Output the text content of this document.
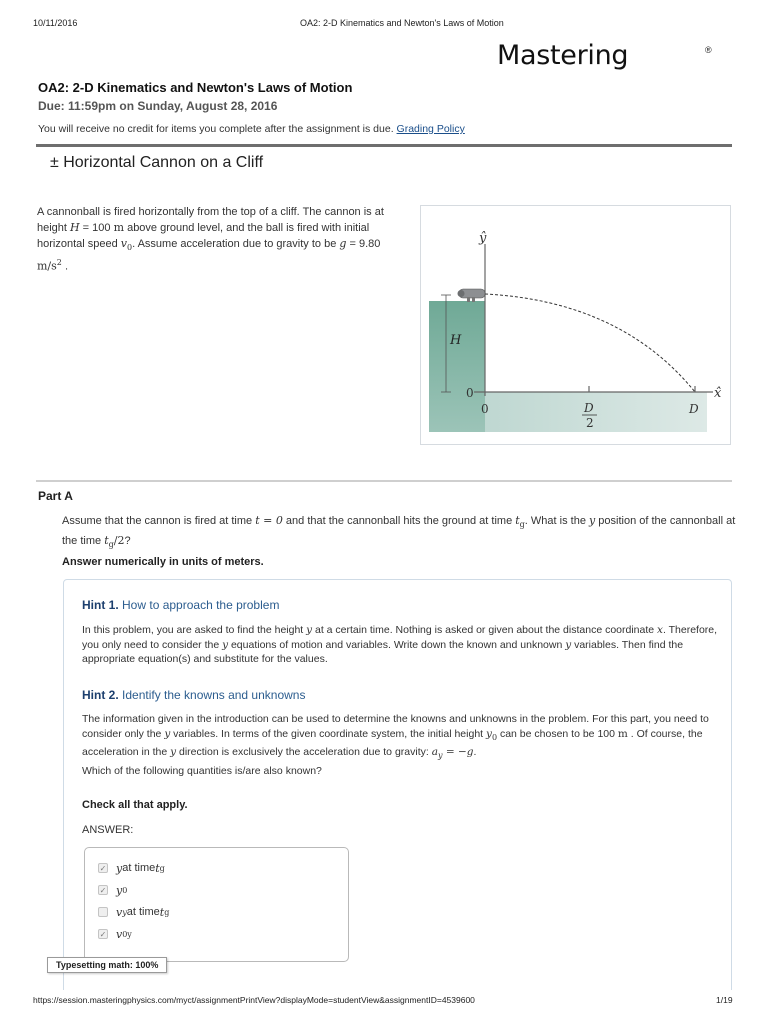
10/11/2016	OA2: 2-D Kinematics and Newton's Laws of Motion
Mastering	®
OA2: 2-D Kinematics and Newton's Laws of Motion
Due: 11:59pm on Sunday, August 28, 2016
You will receive no credit for items you complete after the assignment is due. Grading Policy
± Horizontal Cannon on a Cliff
A cannonball is fired horizontally from the top of a cliff. The cannon is at height H = 100 m above ground level, and the ball is fired with initial horizontal speed $v_0$. Assume acceleration due to gravity to be g = 9.80 $m/s^2$ .
ŷ
x̂
H
0
0	D
2
D
Part A
Assume that the cannon is fired at time t = 0 and that the cannonball hits the ground at time $t_g$. What is the y position of the cannonball at the time $t_g/2$?
Answer numerically in units of meters.
Hint 1. How to approach the problem
In this problem, you are asked to find the height y at a certain time. Nothing is asked or given about the distance coordinate x. Therefore, you only need to consider the y equations of motion and variables. Write down the known and unknown y variables. Then find the appropriate equation(s) and substitute for the values.
Hint 2. Identify the knowns and unknowns
The information given in the introduction can be used to determine the knowns and unknowns in the problem. For this part, you need to consider only the y variables. In terms of the given coordinate system, the initial height $y_0$ can be chosen to be 100 m . Of course, the acceleration in the y direction is exclusively the acceleration due to gravity: $a_y = -g$.
Which of the following quantities is/are also known?
Check all that apply.
ANSWER:
✓ y at time t g
✓ y 0
v y at time t g
✓ v 0y
Typesetting math: 100%
https://session.masteringphysics.com/myct/assignmentPrintView?displayMode=studentView&assignmentID=4539600	1/19
